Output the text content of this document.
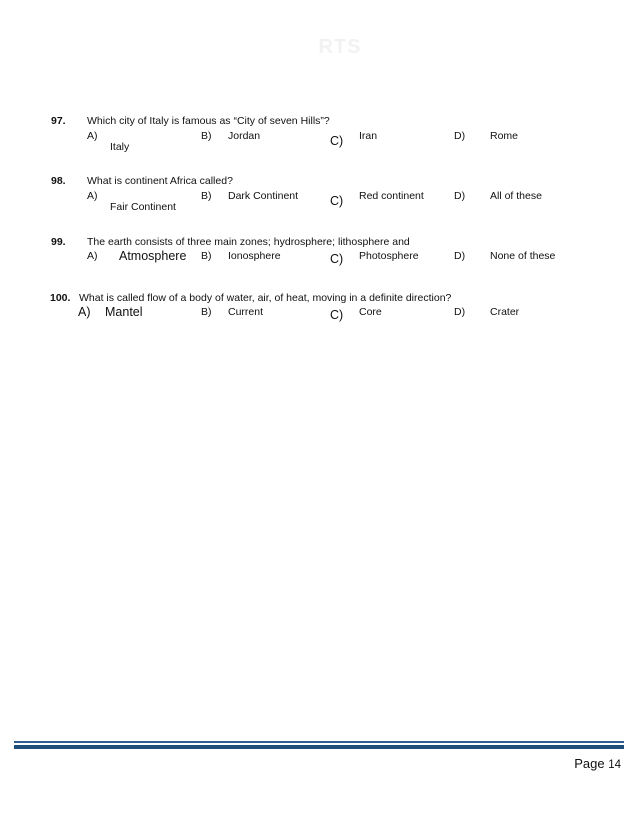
RTS
97. Which city of Italy is famous as “City of seven Hills”?
A)
Italy
B) Jordan	C) Iran	D) Rome
98. What is continent Africa called?
A)
Fair Continent
B) Dark Continent	C) Red continent	D) All of these
99. The earth consists of three main zones; hydrosphere; lithosphere and
A) Atmosphere B) Ionosphere	C) Photosphere	D) None of these
100. What is called flow of a body of water, air, of heat, moving in a definite direction?
A) Mantel	B) Current	C) Core	D) Crater
Page 14
